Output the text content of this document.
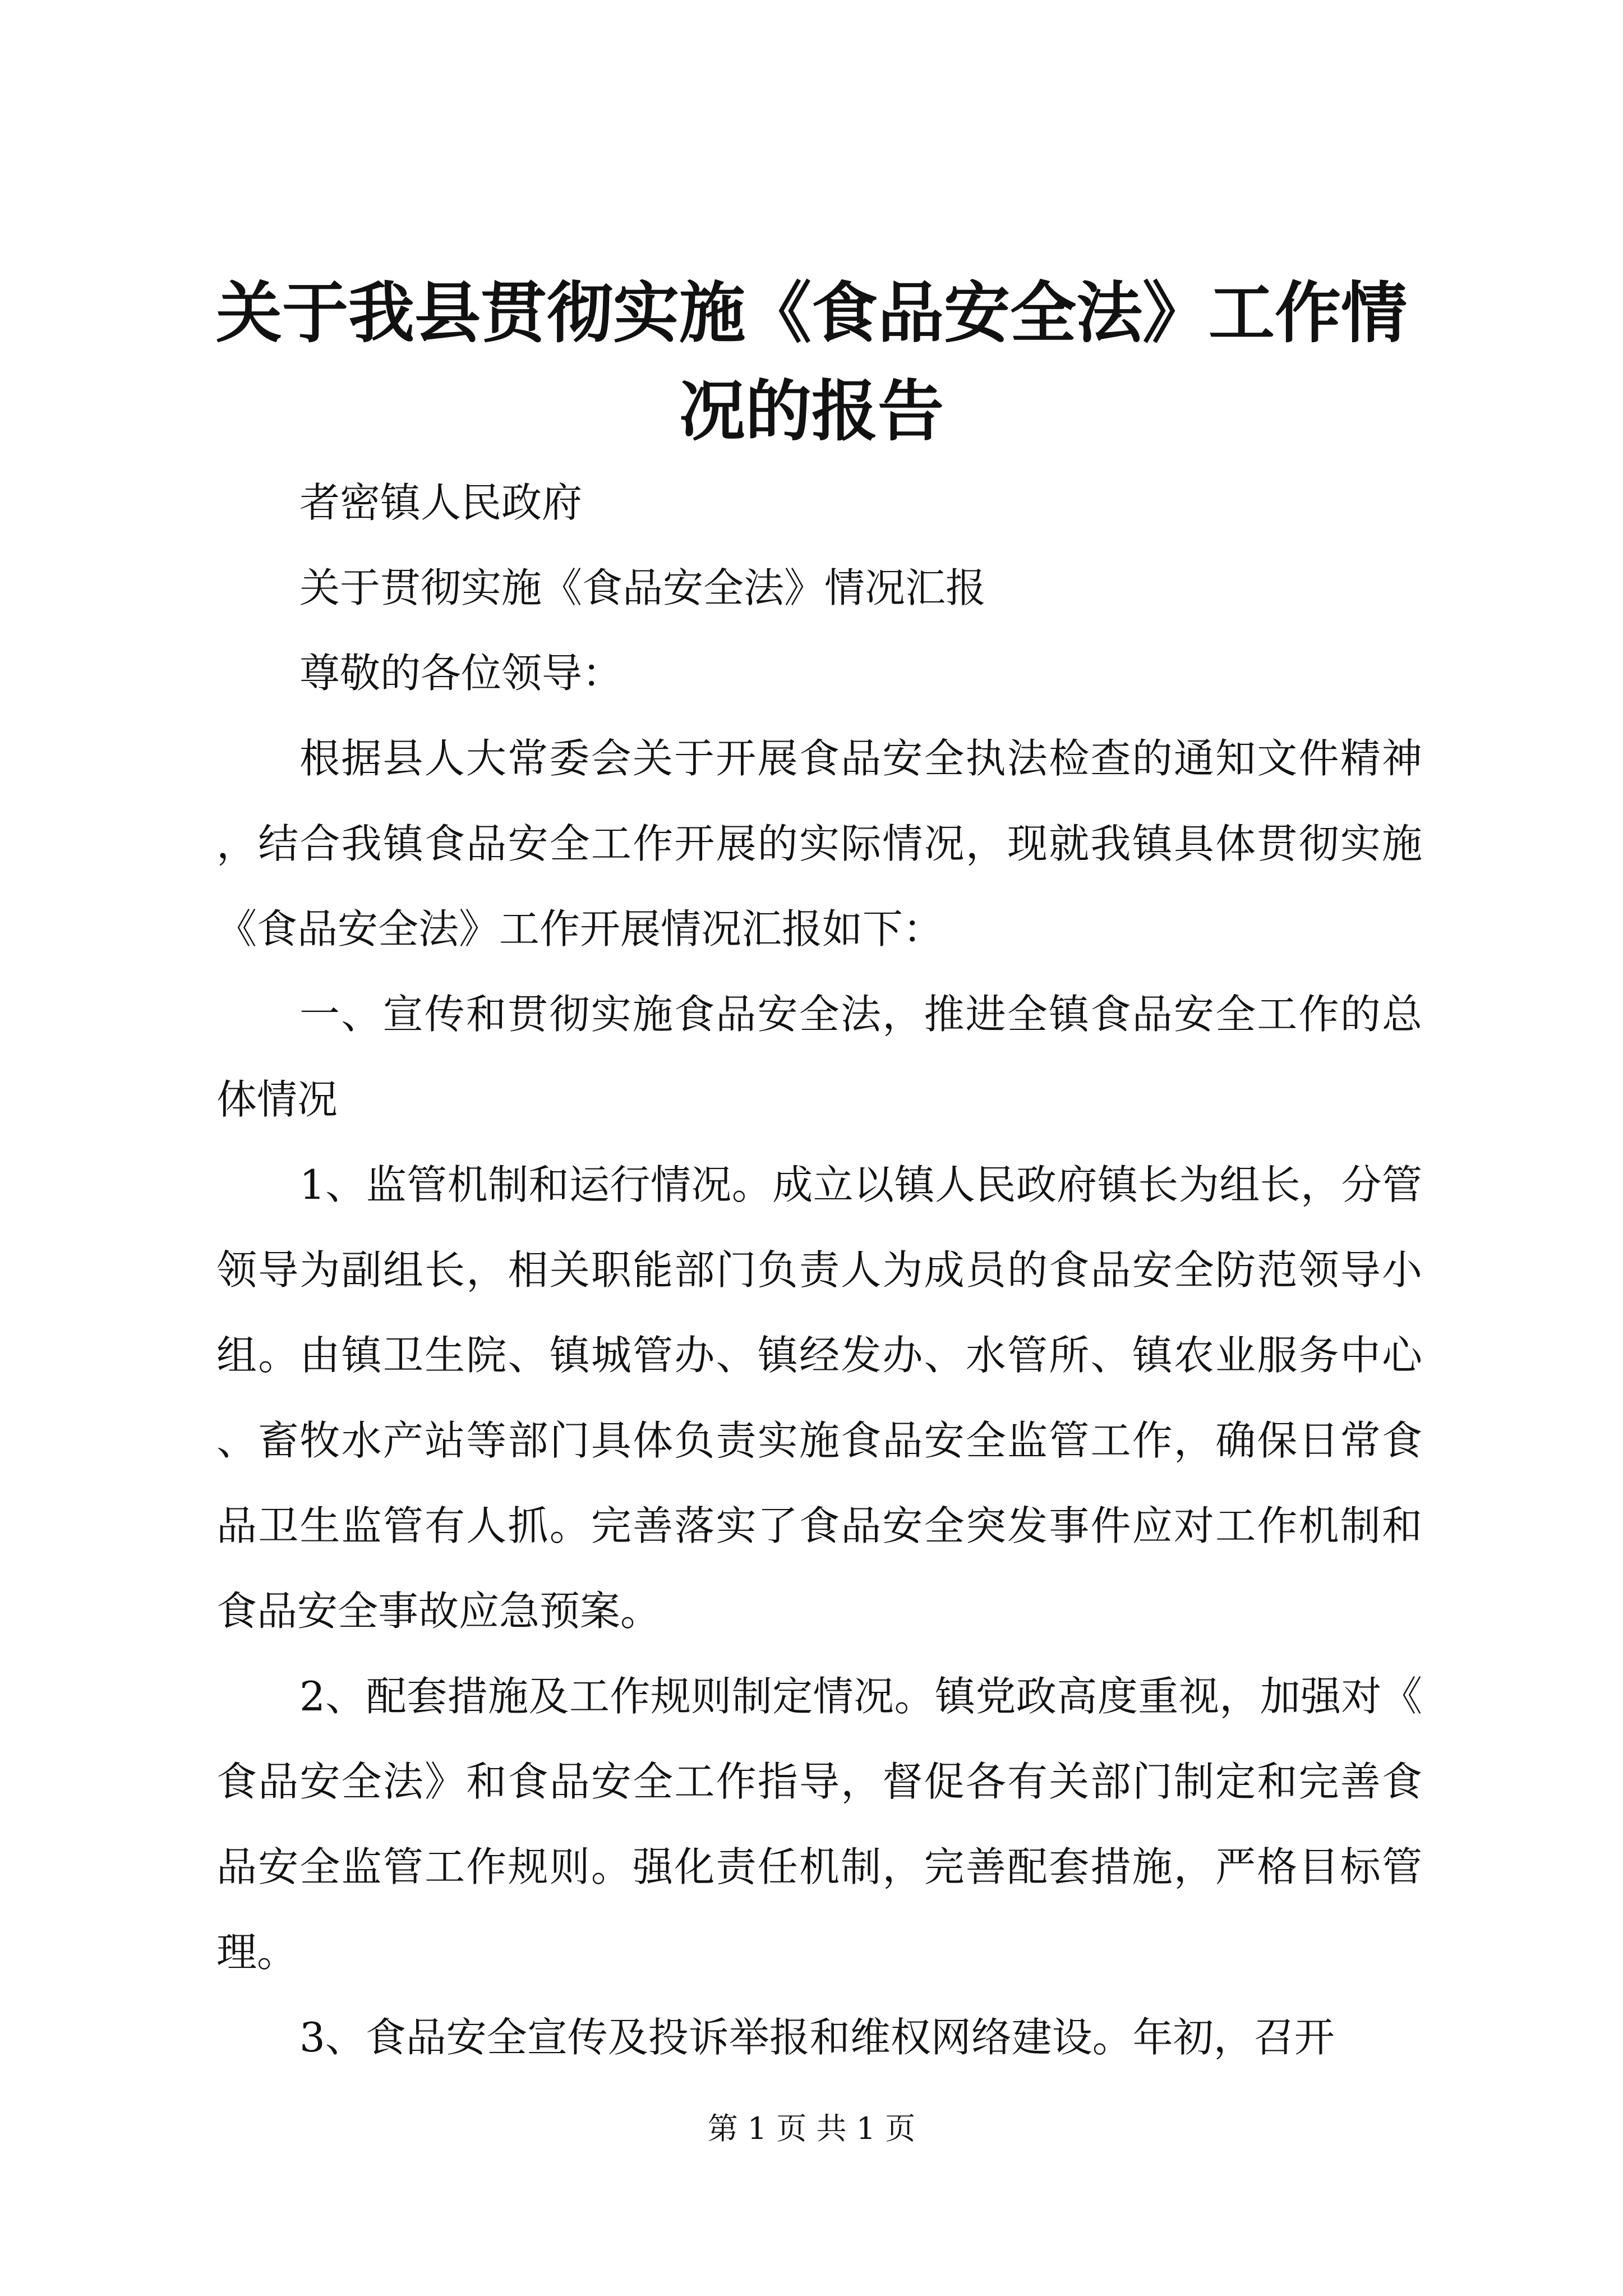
关于我县贯彻实施《食品安全法》工作情况的报告

者密镇人民政府

关于贯彻实施《食品安全法》情况汇报

尊敬的各位领导：

根据县人大常委会关于开展食品安全执法检查的通知文件精神，结合我镇食品安全工作开展的实际情况，现就我镇具体贯彻实施《食品安全法》工作开展情况汇报如下：

一、宣传和贯彻实施食品安全法，推进全镇食品安全工作的总体情况

1、监管机制和运行情况。成立以镇人民政府镇长为组长，分管领导为副组长，相关职能部门负责人为成员的食品安全防范领导小组。由镇卫生院、镇城管办、镇经发办、水管所、镇农业服务中心、畜牧水产站等部门具体负责实施食品安全监管工作，确保日常食品卫生监管有人抓。完善落实了食品安全突发事件应对工作机制和食品安全事故应急预案。

2、配套措施及工作规则制定情况。镇党政高度重视，加强对《食品安全法》和食品安全工作指导，督促各有关部门制定和完善食品安全监管工作规则。强化责任机制，完善配套措施，严格目标管理。

3、食品安全宣传及投诉举报和维权网络建设。年初，召开

第 1 页 共 1 页
